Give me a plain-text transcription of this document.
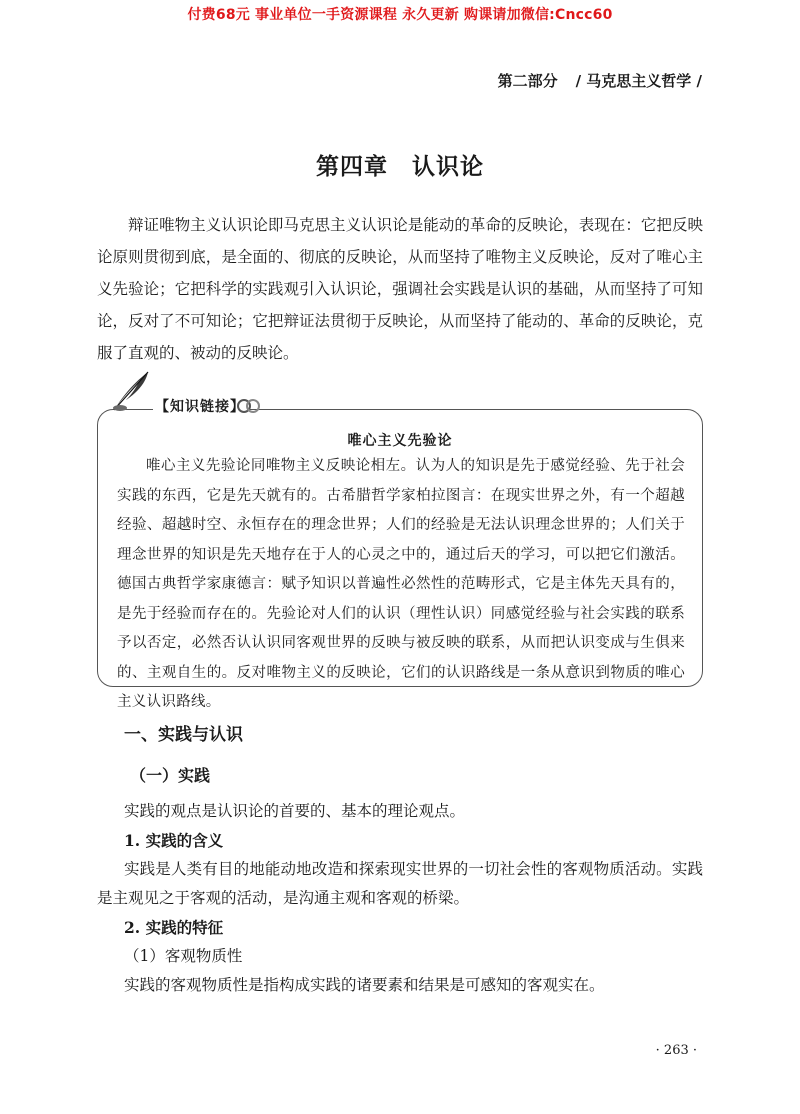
付费68元 事业单位一手资源课程 永久更新 购课请加微信:Cncc60
第二部分 / 马克思主义哲学 /
第四章　认识论

辩证唯物主义认识论即马克思主义认识论是能动的革命的反映论，表现在：它把反映论原则贯彻到底，是全面的、彻底的反映论，从而坚持了唯物主义反映论，反对了唯心主义先验论；它把科学的实践观引入认识论，强调社会实践是认识的基础，从而坚持了可知论，反对了不可知论；它把辩证法贯彻于反映论，从而坚持了能动的、革命的反映论，克服了直观的、被动的反映论。

【知识链接】
唯心主义先验论

唯心主义先验论同唯物主义反映论相左。认为人的知识是先于感觉经验、先于社会实践的东西，它是先天就有的。古希腊哲学家柏拉图言：在现实世界之外，有一个超越经验、超越时空、永恒存在的理念世界；人们的经验是无法认识理念世界的；人们关于理念世界的知识是先天地存在于人的心灵之中的，通过后天的学习，可以把它们激活。德国古典哲学家康德言：赋予知识以普遍性必然性的范畴形式，它是主体先天具有的，是先于经验而存在的。先验论对人们的认识（理性认识）同感觉经验与社会实践的联系予以否定，必然否认认识同客观世界的反映与被反映的联系，从而把认识变成与生俱来的、主观自生的。反对唯物主义的反映论，它们的认识路线是一条从意识到物质的唯心主义认识路线。

一、实践与认识
（一）实践

实践的观点是认识论的首要的、基本的理论观点。

1. 实践的含义

实践是人类有目的地能动地改造和探索现实世界的一切社会性的客观物质活动。实践是主观见之于客观的活动，是沟通主观和客观的桥梁。

2. 实践的特征

（1）客观物质性

实践的客观物质性是指构成实践的诸要素和结果是可感知的客观实在。

· 263 ·
